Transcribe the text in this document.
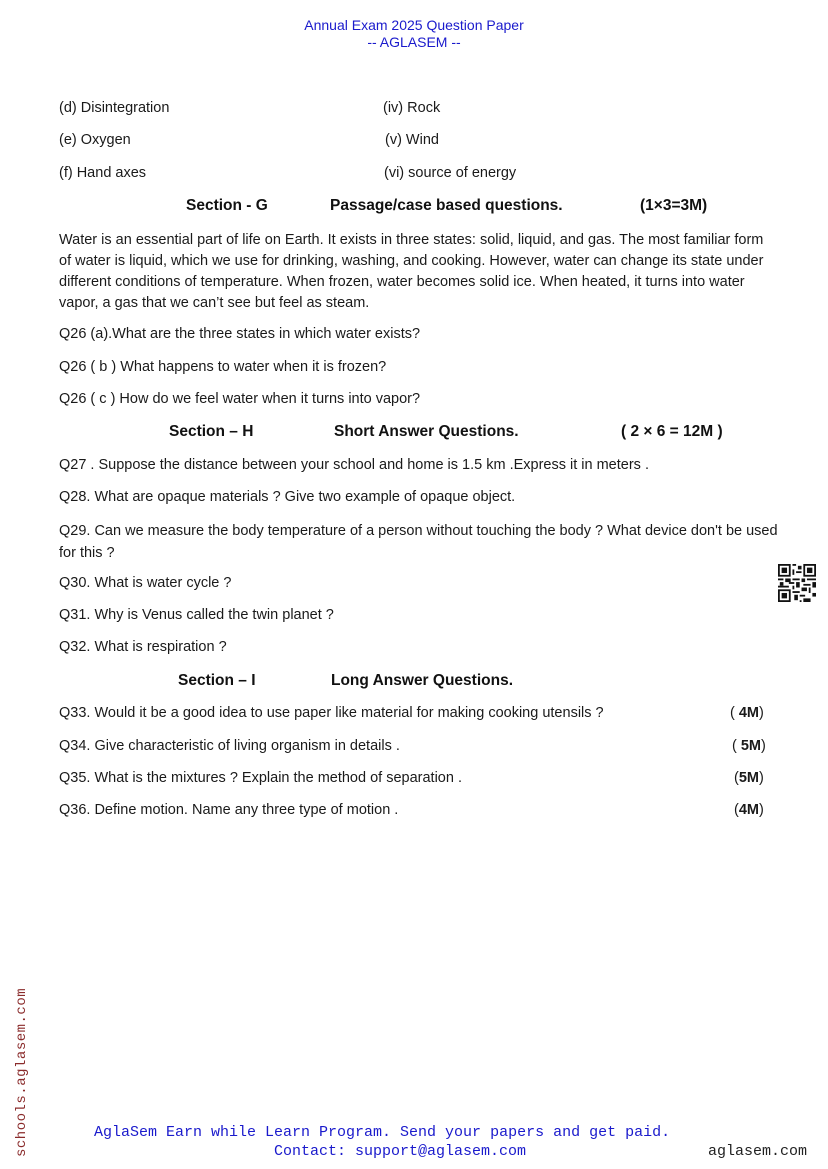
Annual Exam 2025 Question Paper
-- AGLASEM --
(d) Disintegration	(iv) Rock
(e) Oxygen	(v) Wind
(f) Hand axes	(vi) source of energy
Section - G	Passage/case based questions.	(1×3=3M)
Water is an essential part of life on Earth. It exists in three states: solid, liquid, and gas. The most familiar form of water is liquid, which we use for drinking, washing, and cooking. However, water can change its state under different conditions of temperature. When frozen, water becomes solid ice. When heated, it turns into water vapor, a gas that we can’t see but feel as steam.
Q26 (a).What are the three states in which water exists?
Q26 ( b ) What happens to water when it is frozen?
Q26 ( c ) How do we feel water when it turns into vapor?
Section – H	Short Answer Questions.	( 2 × 6 = 12M )
Q27 . Suppose the distance between your school and home is 1.5 km .Express it in meters .
Q28. What are opaque materials ? Give two example of opaque object.
Q29. Can we measure the body temperature of a person without touching the body ? What device don't be used for this ?
Q30. What is water cycle ?
Q31. Why is Venus called the twin planet ?
Q32. What is respiration ?
Section – I	Long Answer Questions.
Q33. Would it be a good idea to use paper like material for making cooking utensils ?	( 4M)
Q34. Give characteristic of living organism in details .	( 5M)
Q35. What is the mixtures ? Explain the method of separation .	(5M)
Q36. Define motion. Name any three type of motion .	(4M)
schools.aglasem.com	AglaSem Earn while Learn Program. Send your papers and get paid.
Contact: support@aglasem.com	aglasem.com
